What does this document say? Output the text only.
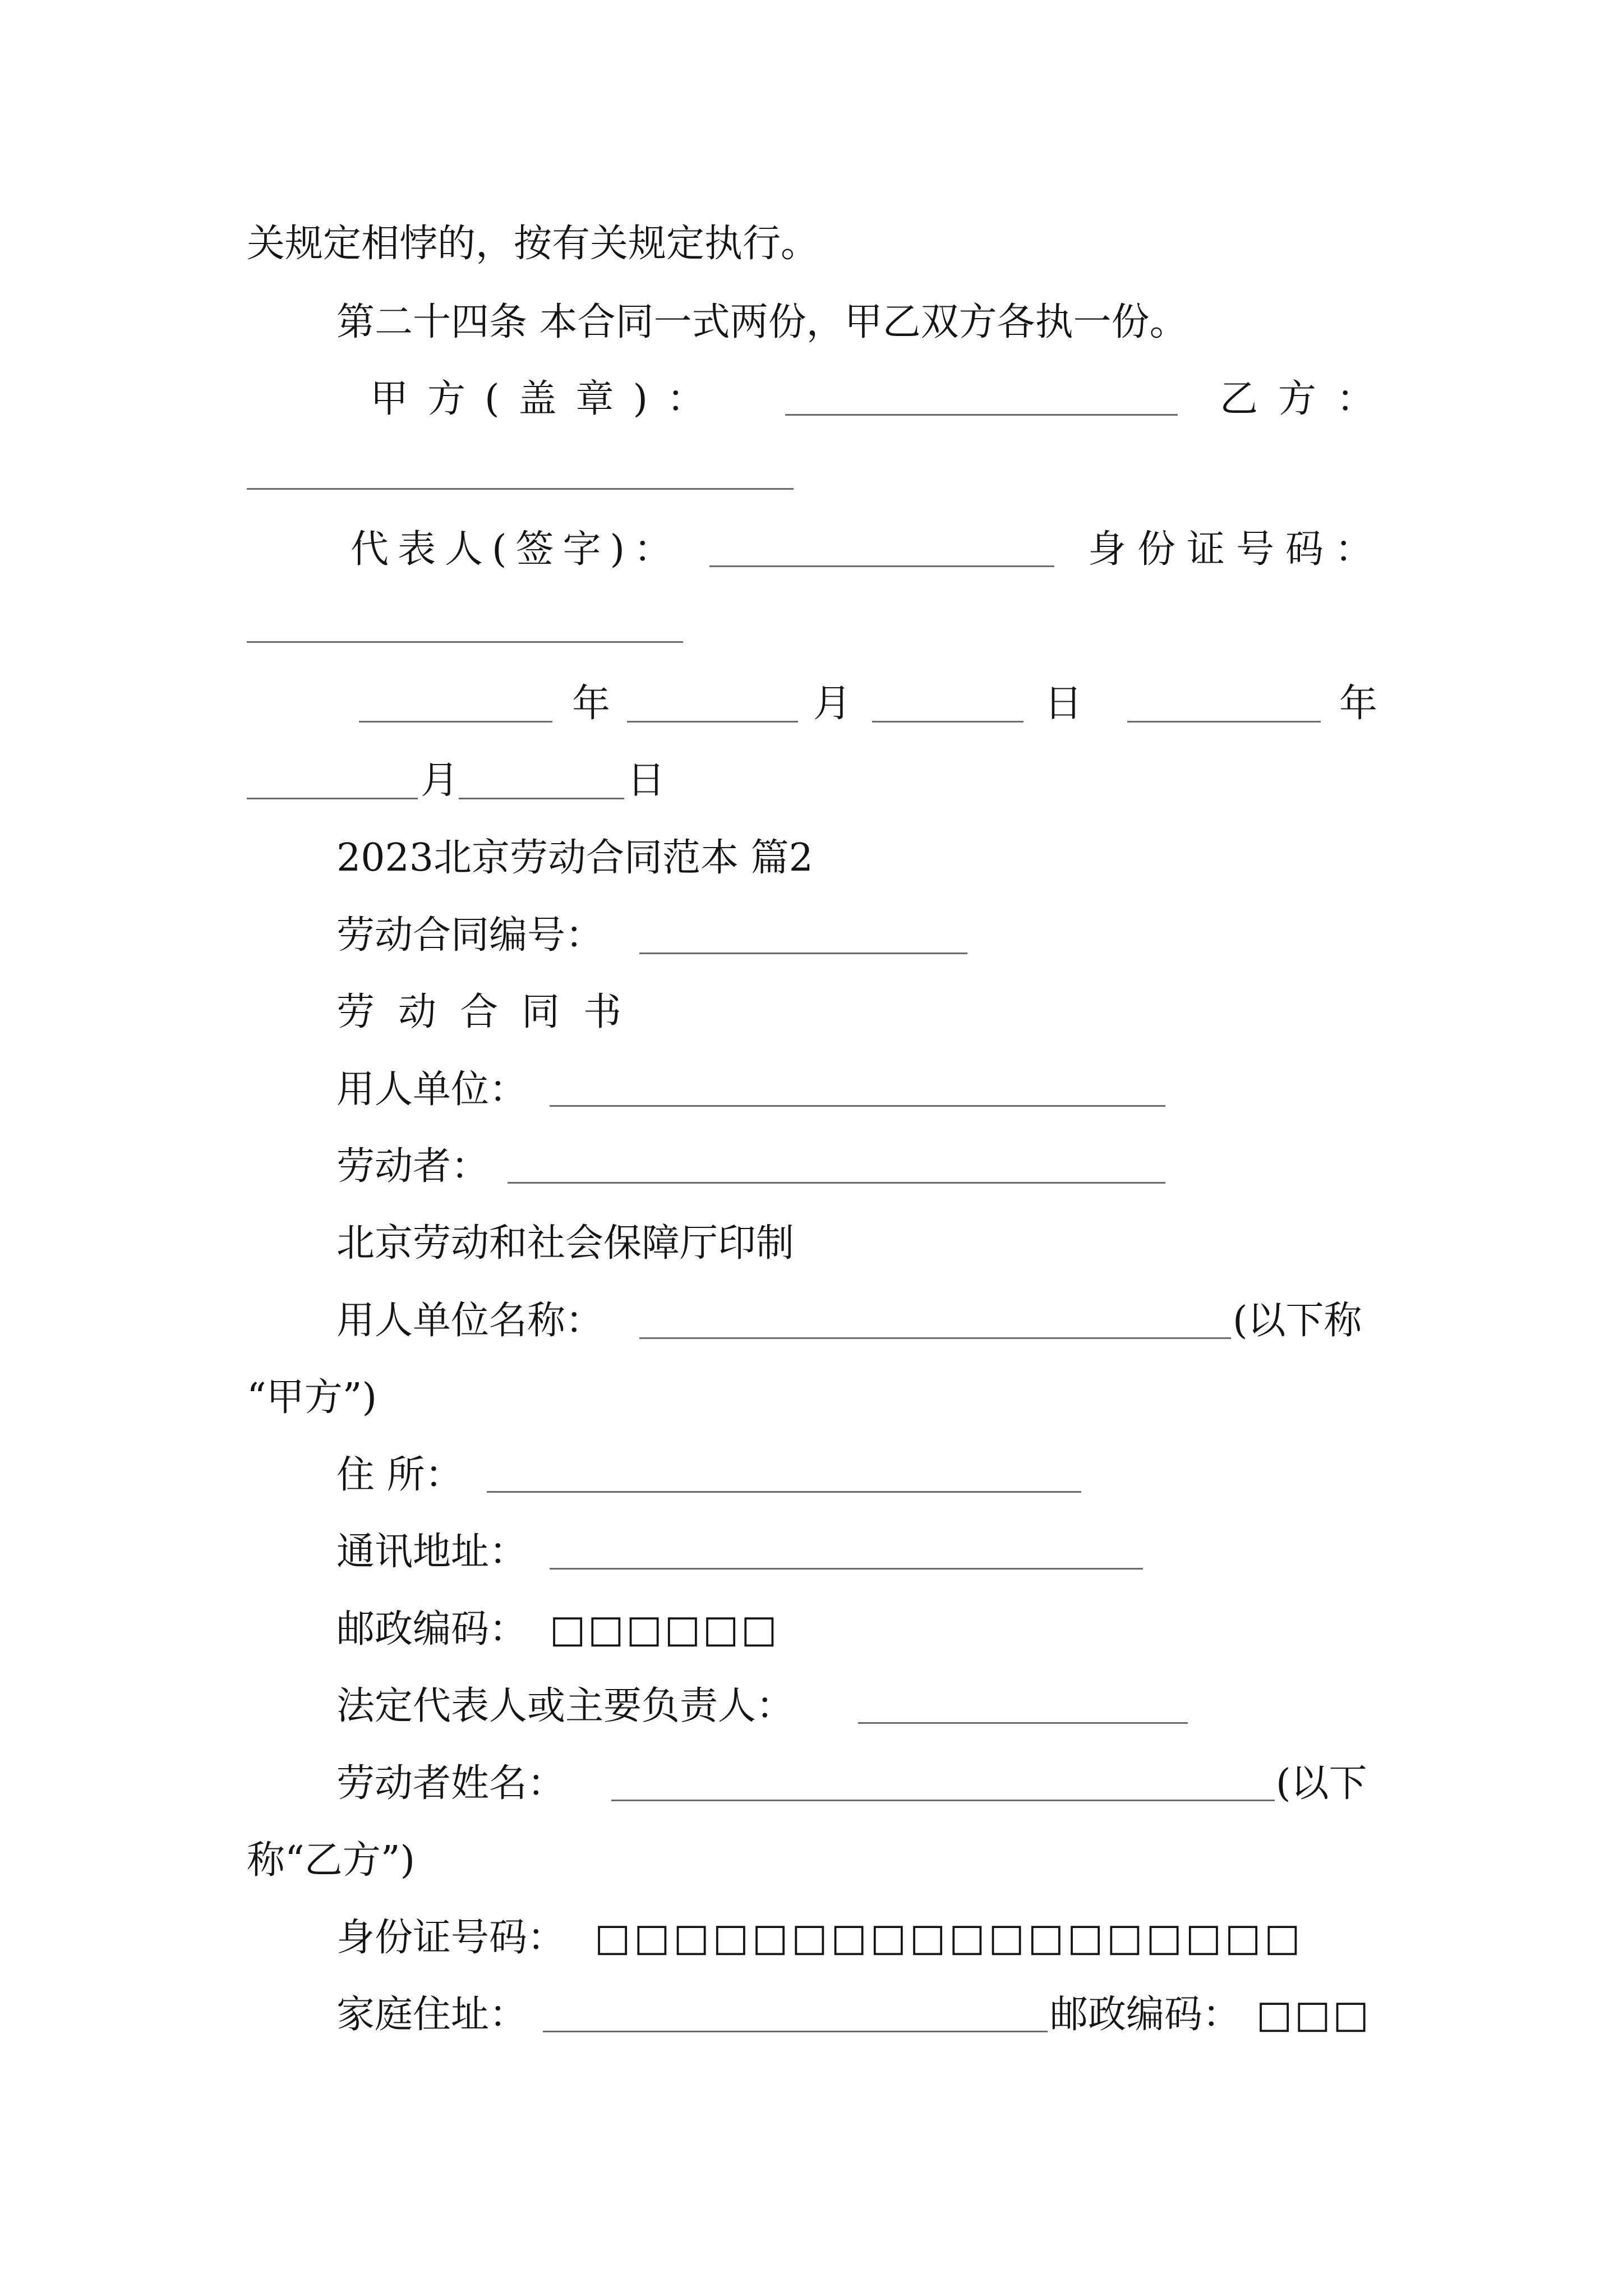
关规定相悖的，按有关规定执行。
第二十四条 本合同一式两份，甲乙双方各执一份。
甲方(盖章)：	乙方：
代表人(签字)：	身份证号码：
年	月	日	年
月	日
2023北京劳动合同范本 篇2
劳动合同编号：
劳动合同书
用人单位：
劳动者：
北京劳动和社会保障厅印制
用人单位名称：	(以下称
“甲方”)
住 所：
通讯地址：
邮政编码： □□□□□□
法定代表人或主要负责人：
劳动者姓名：	(以下
称“乙方”)
身份证号码： □□□□□□□□□□□□□□□□□□
家庭住址：	邮政编码： □□□
